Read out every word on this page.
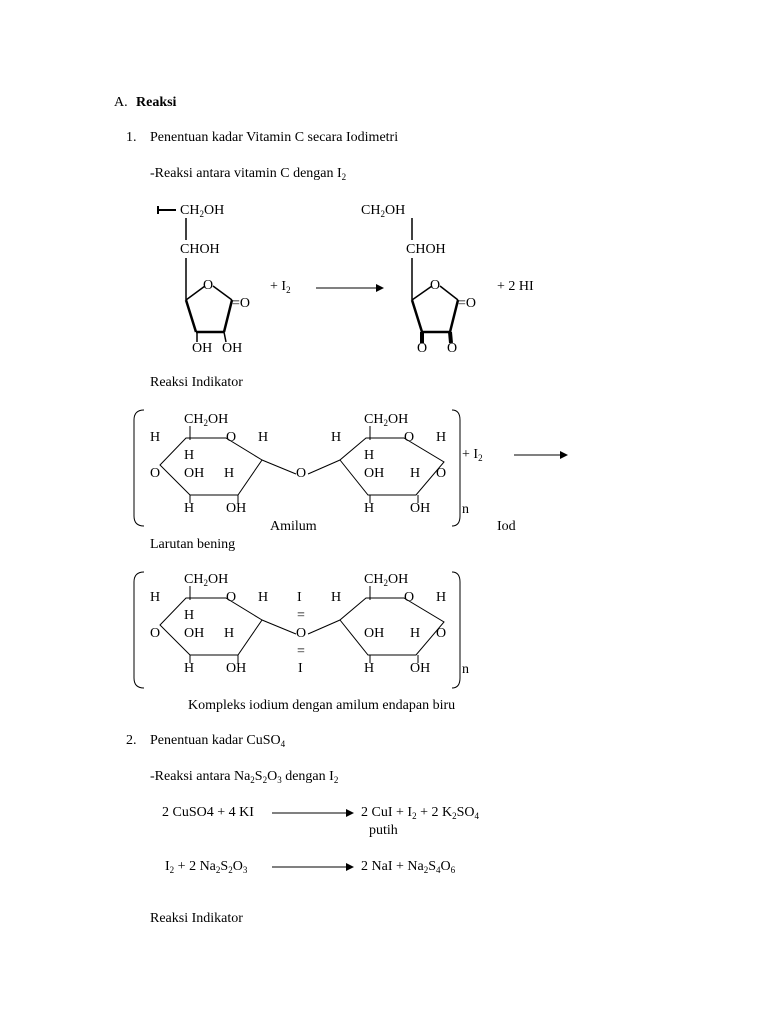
A. Reaksi
1. Penentuan kadar Vitamin C secara Iodimetri
-Reaksi antara vitamin C dengan $I_2$
$CH_2OH$
CHOH
O
=O
OH OH
+ $I_2$
$CH_2OH$
CHOH
O
=O
O O
+ 2 HI
Reaksi Indikator
$CH_2OH$	$CH_2OH$
H	O H	H	O H
H	H
O OH H	O	OH H O
H OH	H	OH
+ $I_2$
n
Amilum	Iod
Larutan bening
$CH_2OH$	$CH_2OH$
H	O H I H	O H
H	=
O OH H	O	OH H O
=
H OH	I	H	OH n
Kompleks iodium dengan amilum endapan biru
2. Penentuan kadar CuSO$_4$
-Reaksi antara $Na_2S_2O_3$ dengan $I_2$
2 CuSO4 + 4 KI	2 CuI + $I_2 + 2$ $K_2SO_4$
putih
$I_2 + 2$ $Na_2S_2O_3$	2 NaI + $Na_2S_4O_6$
Reaksi Indikator
